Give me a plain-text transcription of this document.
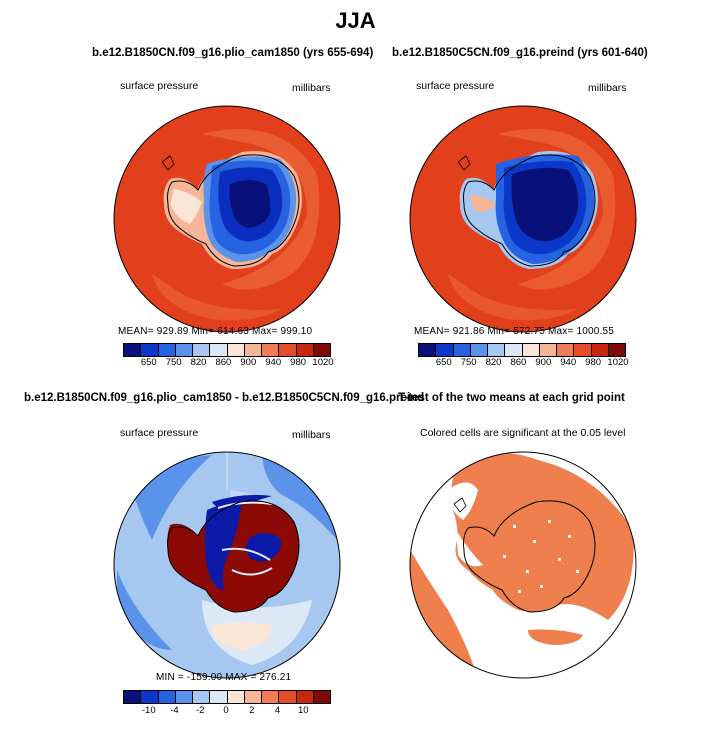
JJA
b.e12.B1850CN.f09_g16.plio_cam1850 (yrs 655-694)
surface pressure	millibars
MEAN= 929.89 Min= 614.63 Max= 999.10
650 750 820 860 900 940 980 1020
b.e12.B1850C5CN.f09_g16.preind (yrs 601-640)
surface pressure	millibars
MEAN= 921.86 Min= 572.75 Max= 1000.55
650 750 820 860 900 940 980 1020
b.e12.B1850CN.f09_g16.plio_cam1850 - b.e12.B1850C5CN.f09_g16.preind
surface pressure	millibars
MIN = -159.00 MAX = 276.21
-10 -4 -2 0 2 4 10
T-test of the two means at each grid point
Colored cells are significant at the 0.05 level
